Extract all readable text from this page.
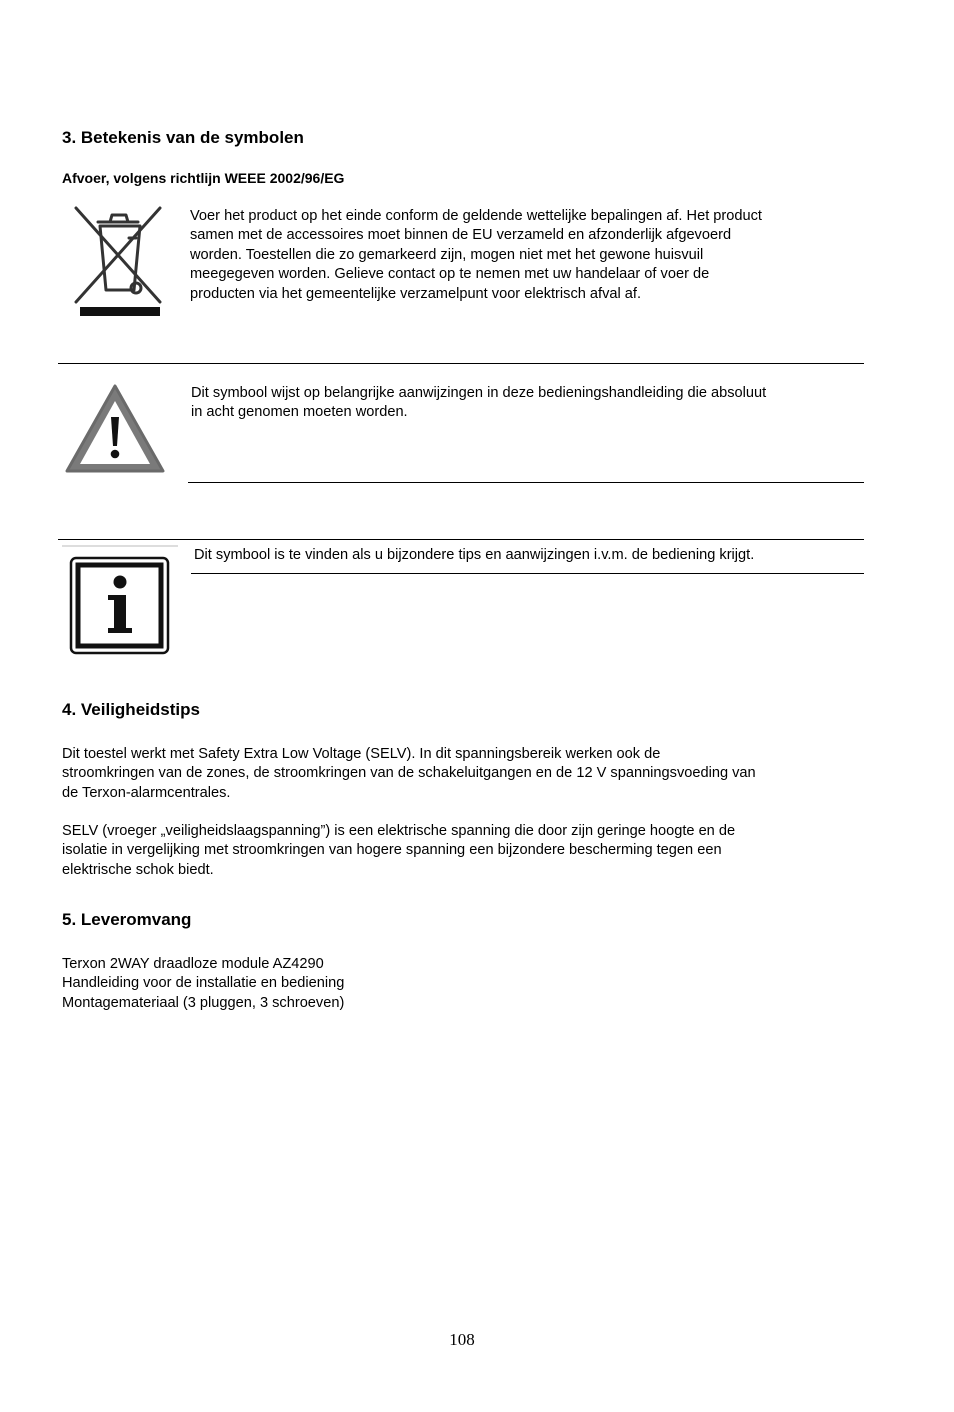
3. Betekenis van de symbolen
Afvoer, volgens richtlijn WEEE 2002/96/EG
Voer het product op het einde conform de geldende wettelijke bepalingen af. Het product
samen met de accessoires moet binnen de EU verzameld en afzonderlijk afgevoerd
worden. Toestellen die zo gemarkeerd zijn, mogen niet met het gewone huisvuil
meegegeven worden. Gelieve contact op te nemen met uw handelaar of voer de
producten via het gemeentelijke verzamelpunt voor elektrisch afval af.
Dit symbool wijst op belangrijke aanwijzingen in deze bedieningshandleiding die absoluut
in acht genomen moeten worden.
Dit symbool is te vinden als u bijzondere tips en aanwijzingen i.v.m. de bediening krijgt.
4. Veiligheidstips
Dit toestel werkt met Safety Extra Low Voltage (SELV). In dit spanningsbereik werken ook de
stroomkringen van de zones, de stroomkringen van de schakeluitgangen en de 12 V spanningsvoeding van
de Terxon-alarmcentrales.
SELV (vroeger „veiligheidslaagspanning”) is een elektrische spanning die door zijn geringe hoogte en de
isolatie in vergelijking met stroomkringen van hogere spanning een bijzondere bescherming tegen een
elektrische schok biedt.
5. Leveromvang
Terxon 2WAY draadloze module AZ4290
Handleiding voor de installatie en bediening
Montagemateriaal (3 pluggen, 3 schroeven)
108
